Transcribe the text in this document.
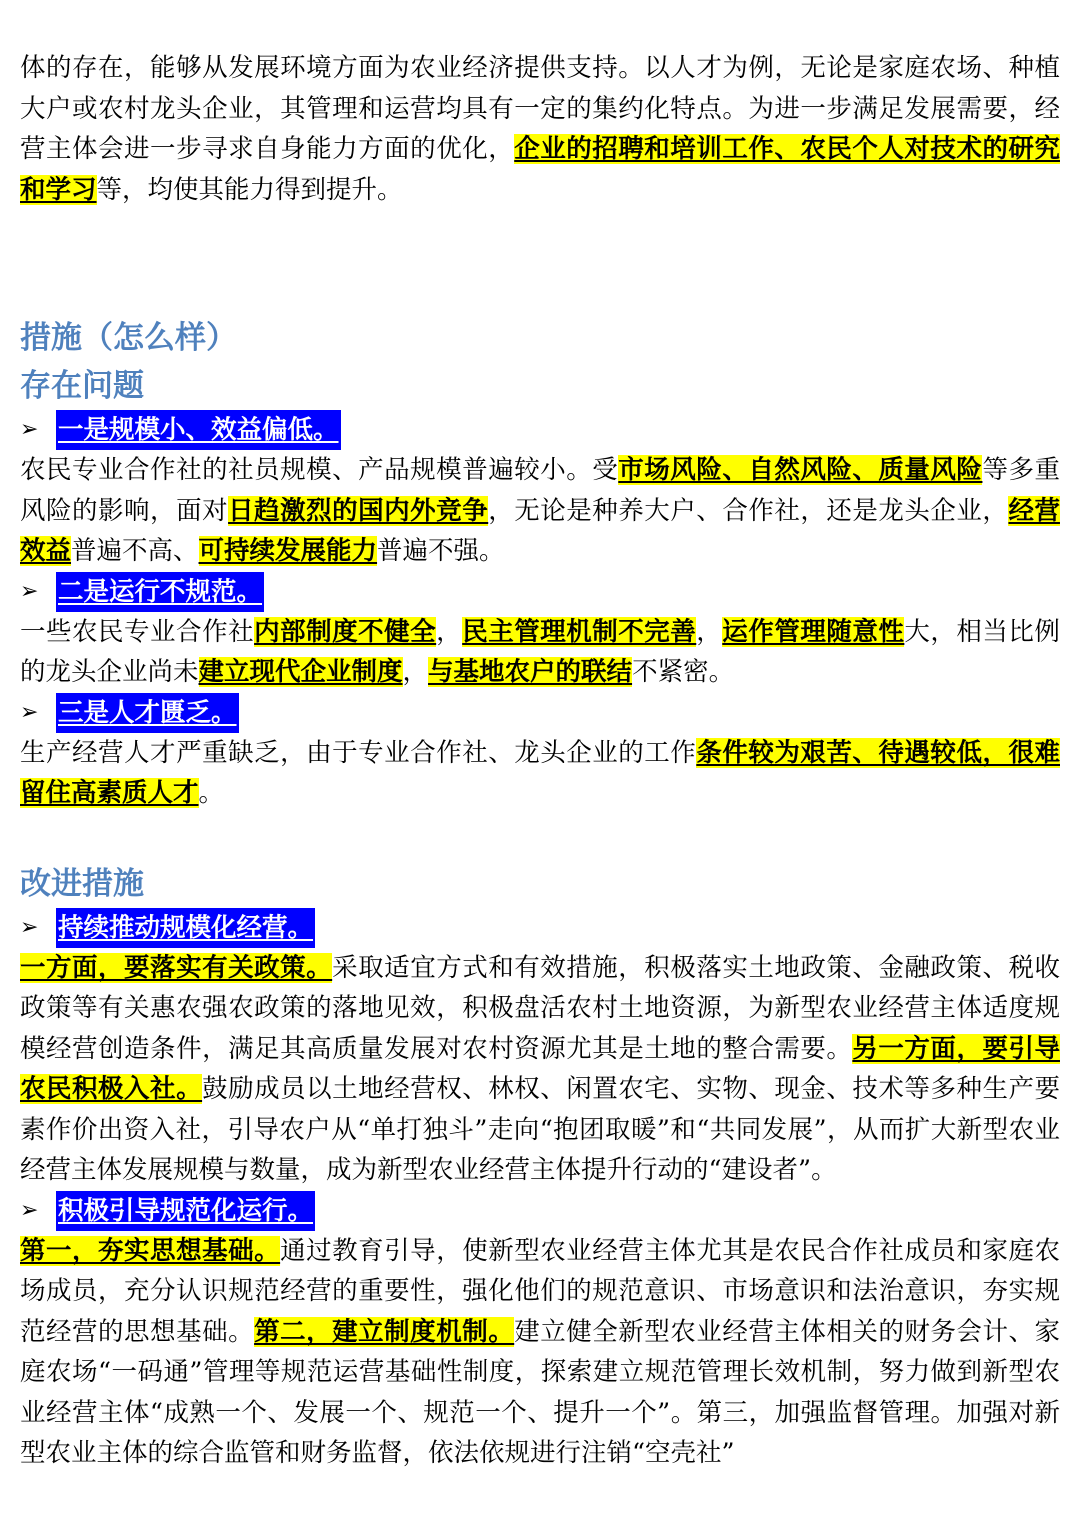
体的存在，能够从发展环境方面为农业经济提供支持。以人才为例，无论是家庭农场、种植大户或农村龙头企业，其管理和运营均具有一定的集约化特点。为进一步满足发展需要，经营主体会进一步寻求自身能力方面的优化，企业的招聘和培训工作、农民个人对技术的研究和学习等，均使其能力得到提升。

措施（怎么样）
存在问题
➢ 一是规模小、效益偏低。

农民专业合作社的社员规模、产品规模普遍较小。受市场风险、自然风险、质量风险等多重风险的影响，面对日趋激烈的国内外竞争，无论是种养大户、合作社，还是龙头企业，经营效益普遍不高、可持续发展能力普遍不强。

➢ 二是运行不规范。

一些农民专业合作社内部制度不健全，民主管理机制不完善，运作管理随意性大，相当比例的龙头企业尚未建立现代企业制度，与基地农户的联结不紧密。

➢ 三是人才匮乏。

生产经营人才严重缺乏，由于专业合作社、龙头企业的工作条件较为艰苦、待遇较低，很难留住高素质人才。

改进措施
➢ 持续推动规模化经营。

一方面，要落实有关政策。采取适宜方式和有效措施，积极落实土地政策、金融政策、税收政策等有关惠农强农政策的落地见效，积极盘活农村土地资源，为新型农业经营主体适度规模经营创造条件，满足其高质量发展对农村资源尤其是土地的整合需要。另一方面，要引导农民积极入社。鼓励成员以土地经营权、林权、闲置农宅、实物、现金、技术等多种生产要素作价出资入社，引导农户从“单打独斗”走向“抱团取暖”和“共同发展”，从而扩大新型农业经营主体发展规模与数量，成为新型农业经营主体提升行动的“建设者”。

➢ 积极引导规范化运行。

第一，夯实思想基础。通过教育引导，使新型农业经营主体尤其是农民合作社成员和家庭农场成员，充分认识规范经营的重要性，强化他们的规范意识、市场意识和法治意识，夯实规范经营的思想基础。第二，建立制度机制。建立健全新型农业经营主体相关的财务会计、家庭农场“一码通”管理等规范运营基础性制度，探索建立规范管理长效机制，努力做到新型农业经营主体“成熟一个、发展一个、规范一个、提升一个”。第三，加强监督管理。加强对新型农业主体的综合监管和财务监督，依法依规进行注销“空壳社”
